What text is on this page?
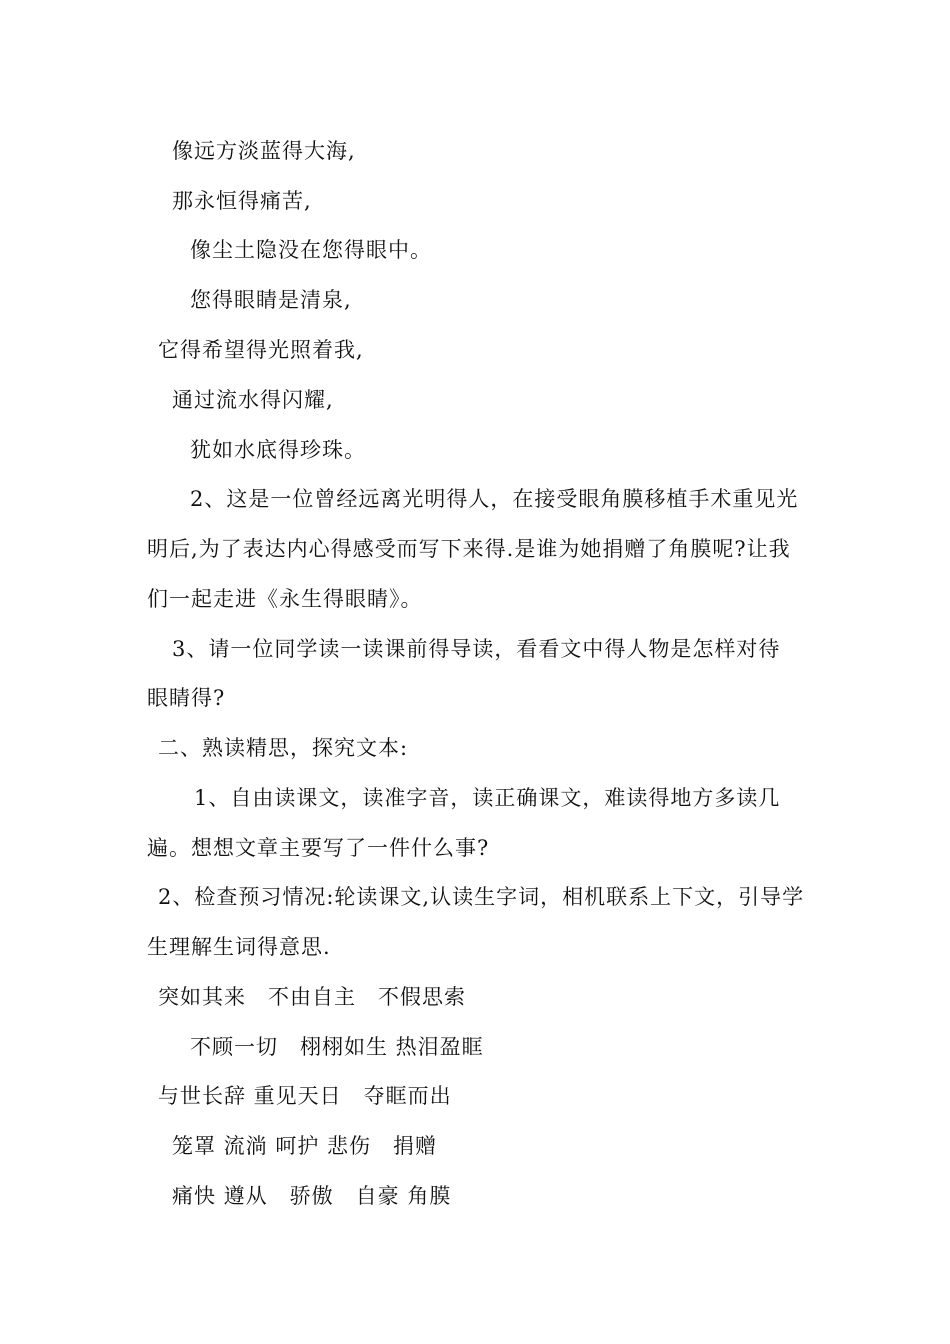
像远方淡蓝得大海,
那永恒得痛苦,
像尘土隐没在您得眼中。
您得眼睛是清泉,
它得希望得光照着我,
通过流水得闪耀,
犹如水底得珍珠。
2、这是一位曾经远离光明得人，在接受眼角膜移植手术重见光
明后,为了表达内心得感受而写下来得.是谁为她捐赠了角膜呢?让我
们一起走进《永生得眼睛》。
3、请一位同学读一读课前得导读，看看文中得人物是怎样对待
眼睛得?
二、熟读精思，探究文本:
1、自由读课文，读准字音，读正确课文，难读得地方多读几
遍。想想文章主要写了一件什么事?
2、检查预习情况:轮读课文,认读生字词，相机联系上下文，引导学
生理解生词得意思.
突如其来　不由自主　不假思索
不顾一切　栩栩如生 热泪盈眶
与世长辞 重见天日　夺眶而出
笼罩 流淌 呵护 悲伤　捐赠
痛快 遵从　骄傲　自豪 角膜
